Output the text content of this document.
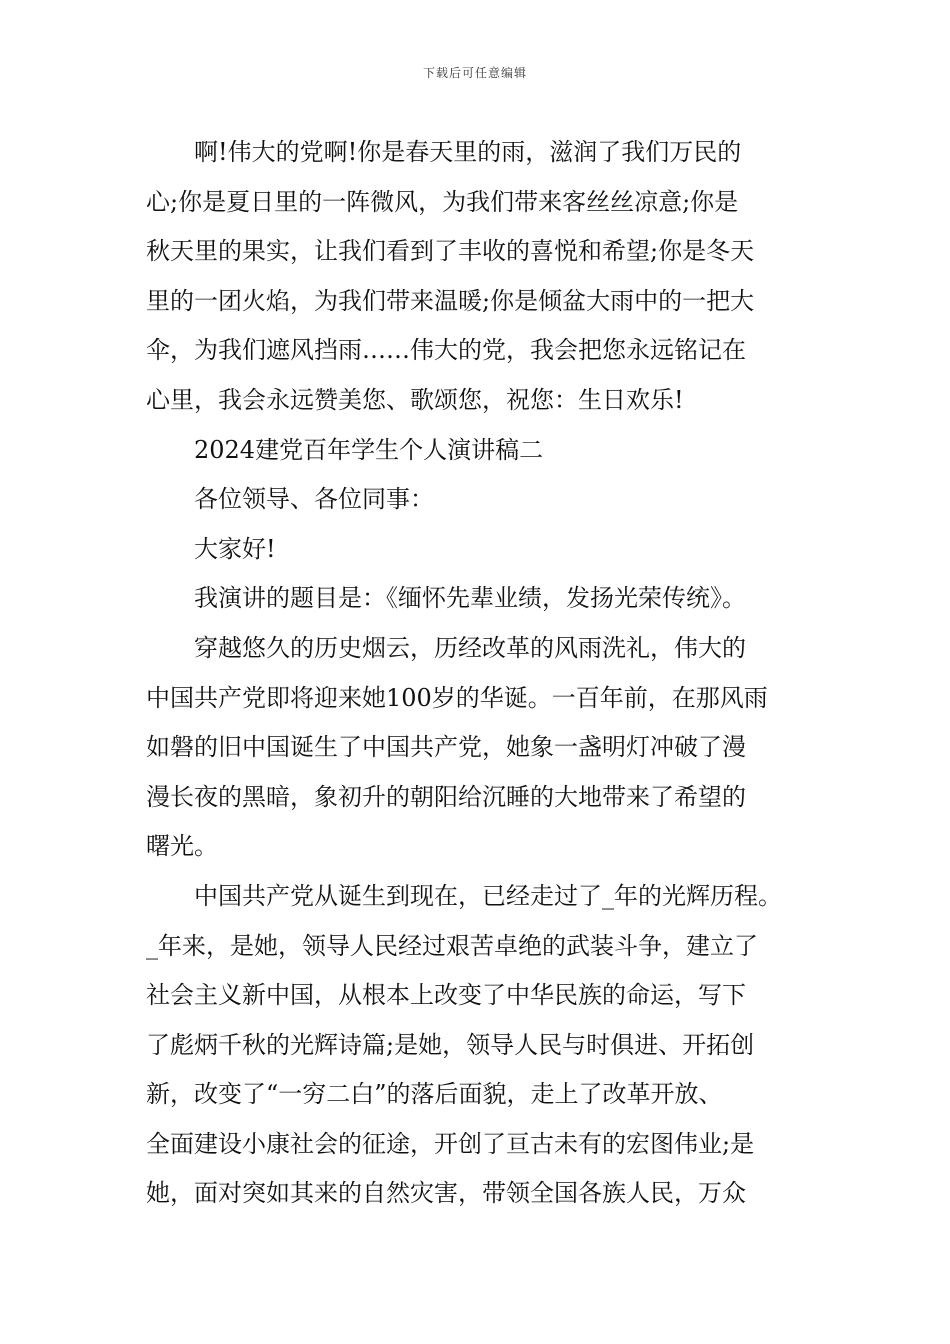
下载后可任意编辑
啊!伟大的党啊!你是春天里的雨，滋润了我们万民的
心;你是夏日里的一阵微风，为我们带来客丝丝凉意;你是
秋天里的果实，让我们看到了丰收的喜悦和希望;你是冬天
里的一团火焰，为我们带来温暖;你是倾盆大雨中的一把大
伞，为我们遮风挡雨……伟大的党，我会把您永远铭记在
心里，我会永远赞美您、歌颂您，祝您：生日欢乐!
2024建党百年学生个人演讲稿二
各位领导、各位同事：
大家好!
我演讲的题目是：《缅怀先辈业绩，发扬光荣传统》。
穿越悠久的历史烟云，历经改革的风雨洗礼，伟大的
中国共产党即将迎来她100岁的华诞。一百年前，在那风雨
如磐的旧中国诞生了中国共产党，她象一盏明灯冲破了漫
漫长夜的黑暗，象初升的朝阳给沉睡的大地带来了希望的
曙光。
中国共产党从诞生到现在，已经走过了_年的光辉历程。
_年来，是她，领导人民经过艰苦卓绝的武装斗争，建立了
社会主义新中国，从根本上改变了中华民族的命运，写下
了彪炳千秋的光辉诗篇;是她，领导人民与时俱进、开拓创
新，改变了“一穷二白”的落后面貌，走上了改革开放、
全面建设小康社会的征途，开创了亘古未有的宏图伟业;是
她，面对突如其来的自然灾害，带领全国各族人民，万众
